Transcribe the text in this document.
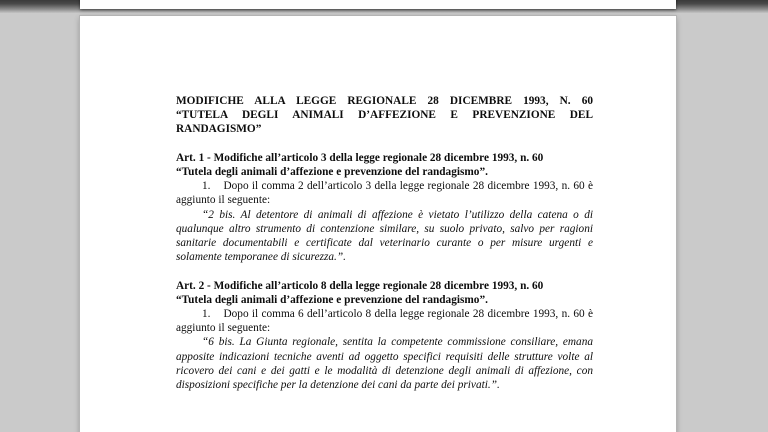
MODIFICHE ALLA LEGGE REGIONALE 28 DICEMBRE 1993, N. 60 “TUTELA DEGLI ANIMALI D’AFFEZIONE E PREVENZIONE DEL RANDAGISMO”

Art. 1 - Modifiche all’articolo 3 della legge regionale 28 dicembre 1993, n. 60

“Tutela degli animali d’affezione e prevenzione del randagismo”.

1. Dopo il comma 2 dell’articolo 3 della legge regionale 28 dicembre 1993, n. 60 è aggiunto il seguente:

“2 bis. Al detentore di animali di affezione è vietato l’utilizzo della catena o di qualunque altro strumento di contenzione similare, su suolo privato, salvo per ragioni sanitarie documentabili e certificate dal veterinario curante o per misure urgenti e solamente temporanee di sicurezza.”.

Art. 2 - Modifiche all’articolo 8 della legge regionale 28 dicembre 1993, n. 60

“Tutela degli animali d’affezione e prevenzione del randagismo”.

1. Dopo il comma 6 dell’articolo 8 della legge regionale 28 dicembre 1993, n. 60 è aggiunto il seguente:

“6 bis. La Giunta regionale, sentita la competente commissione consiliare, emana apposite indicazioni tecniche aventi ad oggetto specifici requisiti delle strutture volte al ricovero dei cani e dei gatti e le modalità di detenzione degli animali di affezione, con disposizioni specifiche per la detenzione dei cani da parte dei privati.”.
